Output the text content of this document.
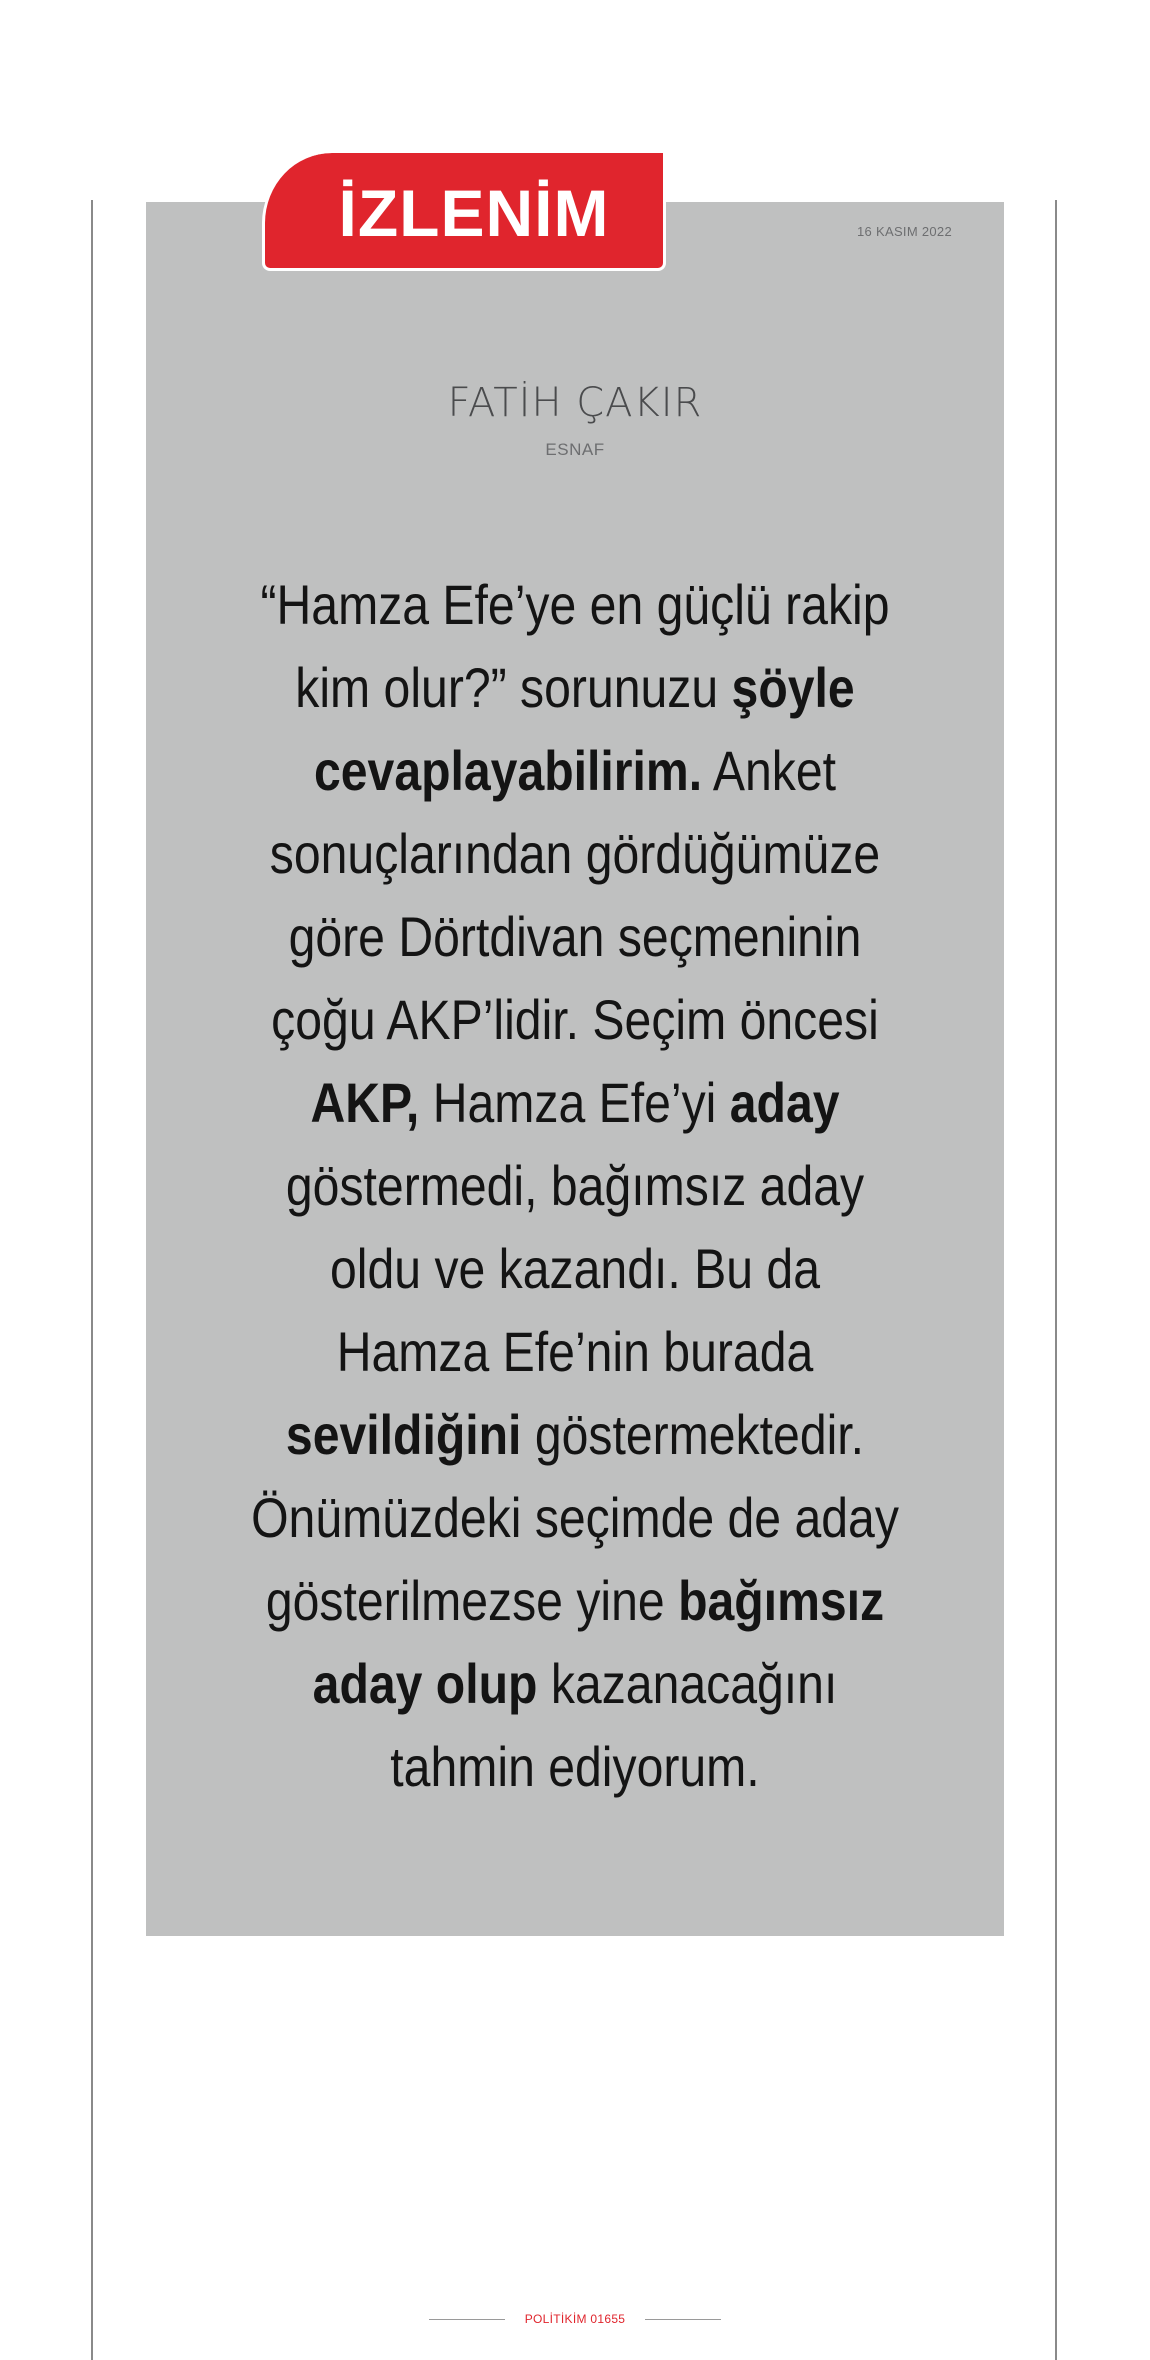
İZLENİM	16 KASIM 2022
FATİH ÇAKIR
ESNAF

“Hamza Efe’ye en güçlü rakip kim olur?” sorunuzu şöyle cevaplayabilirim. Anket sonuçlarından gördüğümüze göre Dörtdivan seçmeninin çoğu AKP’lidir. Seçim öncesi AKP, Hamza Efe’yi aday göstermedi, bağımsız aday oldu ve kazandı. Bu da Hamza Efe’nin burada sevildiğini göstermektedir. Önümüzdeki seçimde de aday gösterilmezse yine bağımsız aday olup kazanacağını tahmin ediyorum.

POLİTİKİM 01655
